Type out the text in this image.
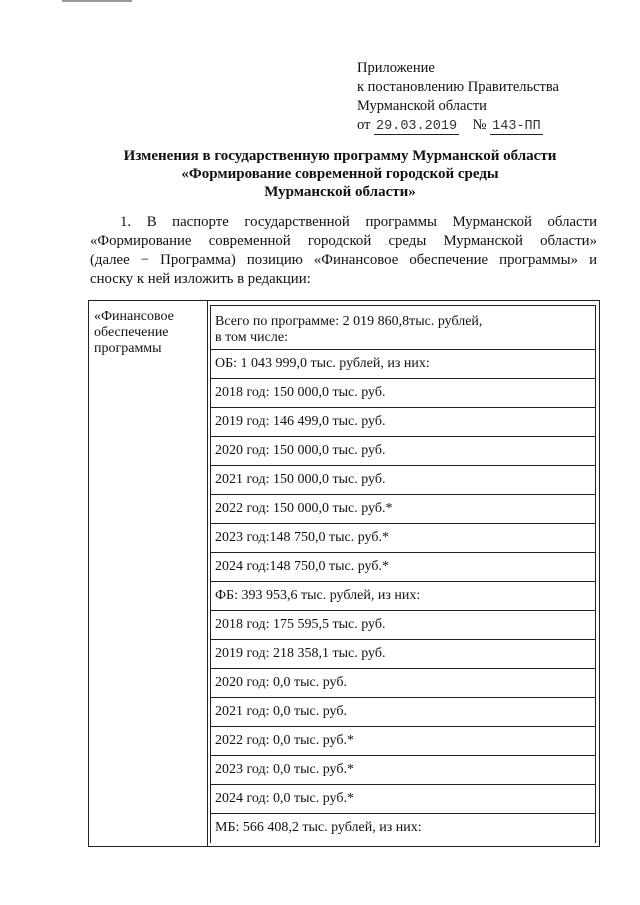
Приложение
к постановлению Правительства
Мурманской области
от 29.03.2019 № 143-ПП
Изменения в государственную программу Мурманской области
«Формирование современной городской среды
Мурманской области»
1. В паспорте государственной программы Мурманской области
«Формирование современной городской среды Мурманской области»
(далее − Программа) позицию «Финансовое обеспечение программы» и
сноску к ней изложить в редакции:
«Финансовое
обеспечение
программы

Всего по программе: 2 019 860,8тыс. рублей,
в том числе:
ОБ: 1 043 999,0 тыс. рублей, из них:
2018 год: 150 000,0 тыс. руб.
2019 год: 146 499,0 тыс. руб.
2020 год: 150 000,0 тыс. руб.
2021 год: 150 000,0 тыс. руб.
2022 год: 150 000,0 тыс. руб.*
2023 год:148 750,0 тыс. руб.*
2024 год:148 750,0 тыс. руб.*
ФБ: 393 953,6 тыс. рублей, из них:
2018 год: 175 595,5 тыс. руб.
2019 год: 218 358,1 тыс. руб.
2020 год: 0,0 тыс. руб.
2021 год: 0,0 тыс. руб.
2022 год: 0,0 тыс. руб.*
2023 год: 0,0 тыс. руб.*
2024 год: 0,0 тыс. руб.*
МБ: 566 408,2 тыс. рублей, из них:
